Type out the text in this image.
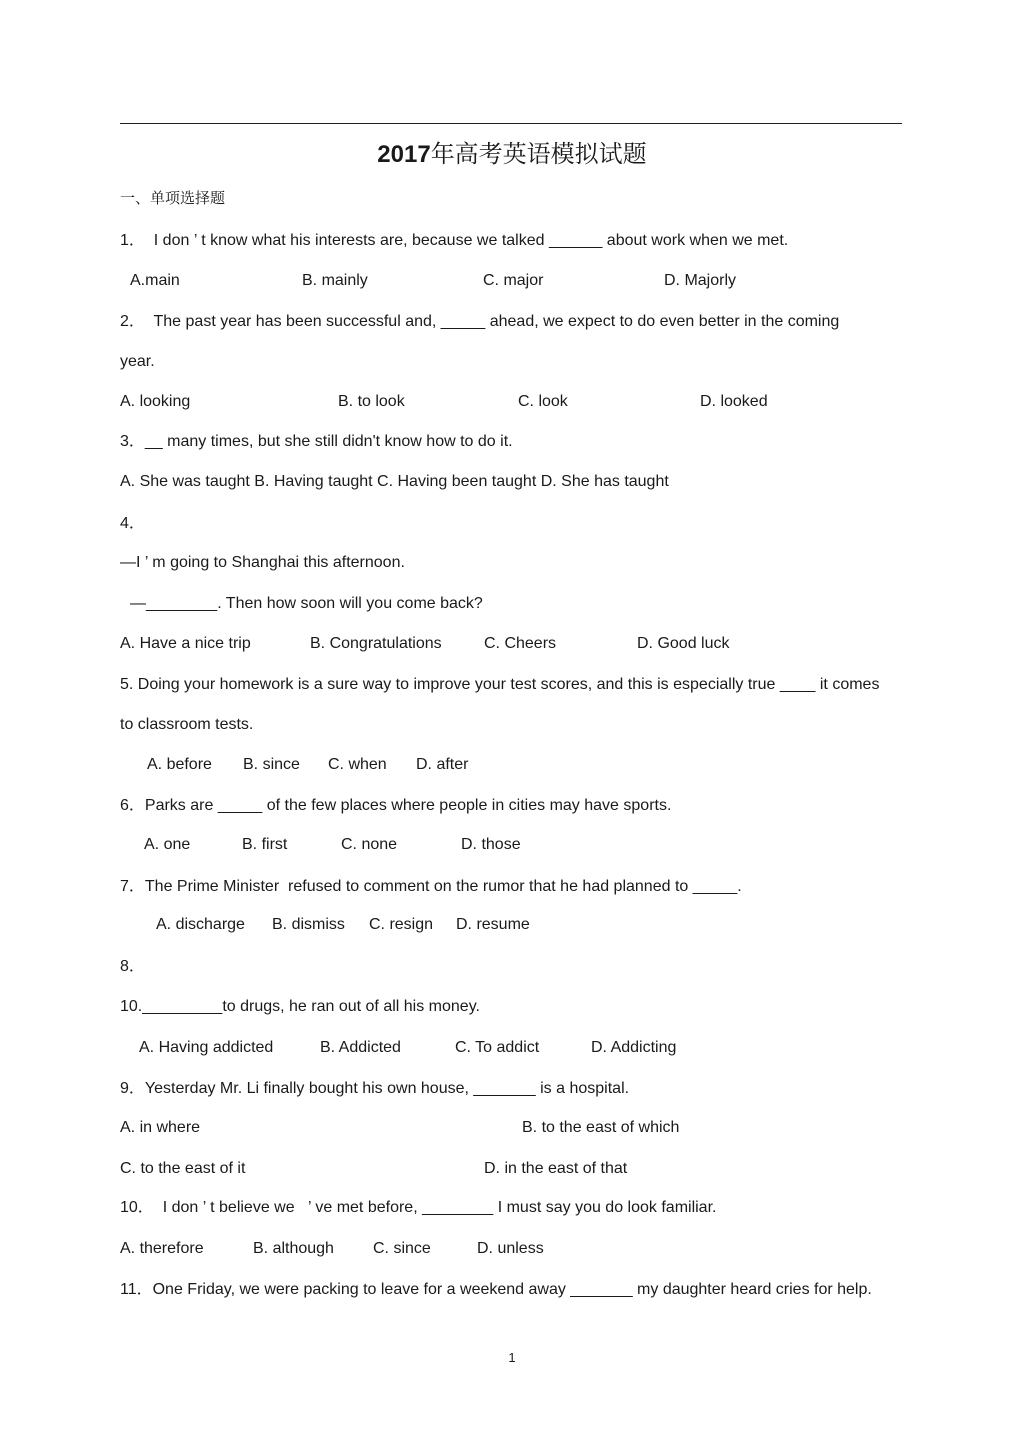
2017年高考英语模拟试题
一、单项选择题
1．  I don ’ t know what his interests are, because we talked ______ about work when we met.
A.main	B. mainly	C. major	D. Majorly
2．  The past year has been successful and, _____ ahead, we expect to do even better in the coming
year.
A. looking	B. to look	C. look	D. looked
3．__ many times, but she still didn't know how to do it.
A. She was taught B. Having taught C. Having been taught D. She has taught
4．
—I ’ m going to Shanghai this afternoon.
—________. Then how soon will you come back?
A. Have a nice trip	B. Congratulations	C. Cheers	D. Good luck
5. Doing your homework is a sure way to improve your test scores, and this is especially true ____ it comes
to classroom tests.
A. before B. since C. when D. after
6．Parks are _____ of the few places where people in cities may have sports.
A. one	B. first	C. none	D. those
7．The Prime Minister  refused to comment on the rumor that he had planned to _____.
A. discharge B. dismiss C. resign D. resume
8．
10._________to drugs, he ran out of all his money.
A. Having addicted	B. Addicted	C. To addict	D. Addicting
9．Yesterday Mr. Li finally bought his own house, _______ is a hospital.
A. in where	B. to the east of which
C. to the east of it	D. in the east of that
10．  I don ’ t believe we   ’ ve met before, ________ I must say you do look familiar.
A. therefore	B. although C. since	D. unless
11．One Friday, we were packing to leave for a weekend away _______ my daughter heard cries for help.
1
